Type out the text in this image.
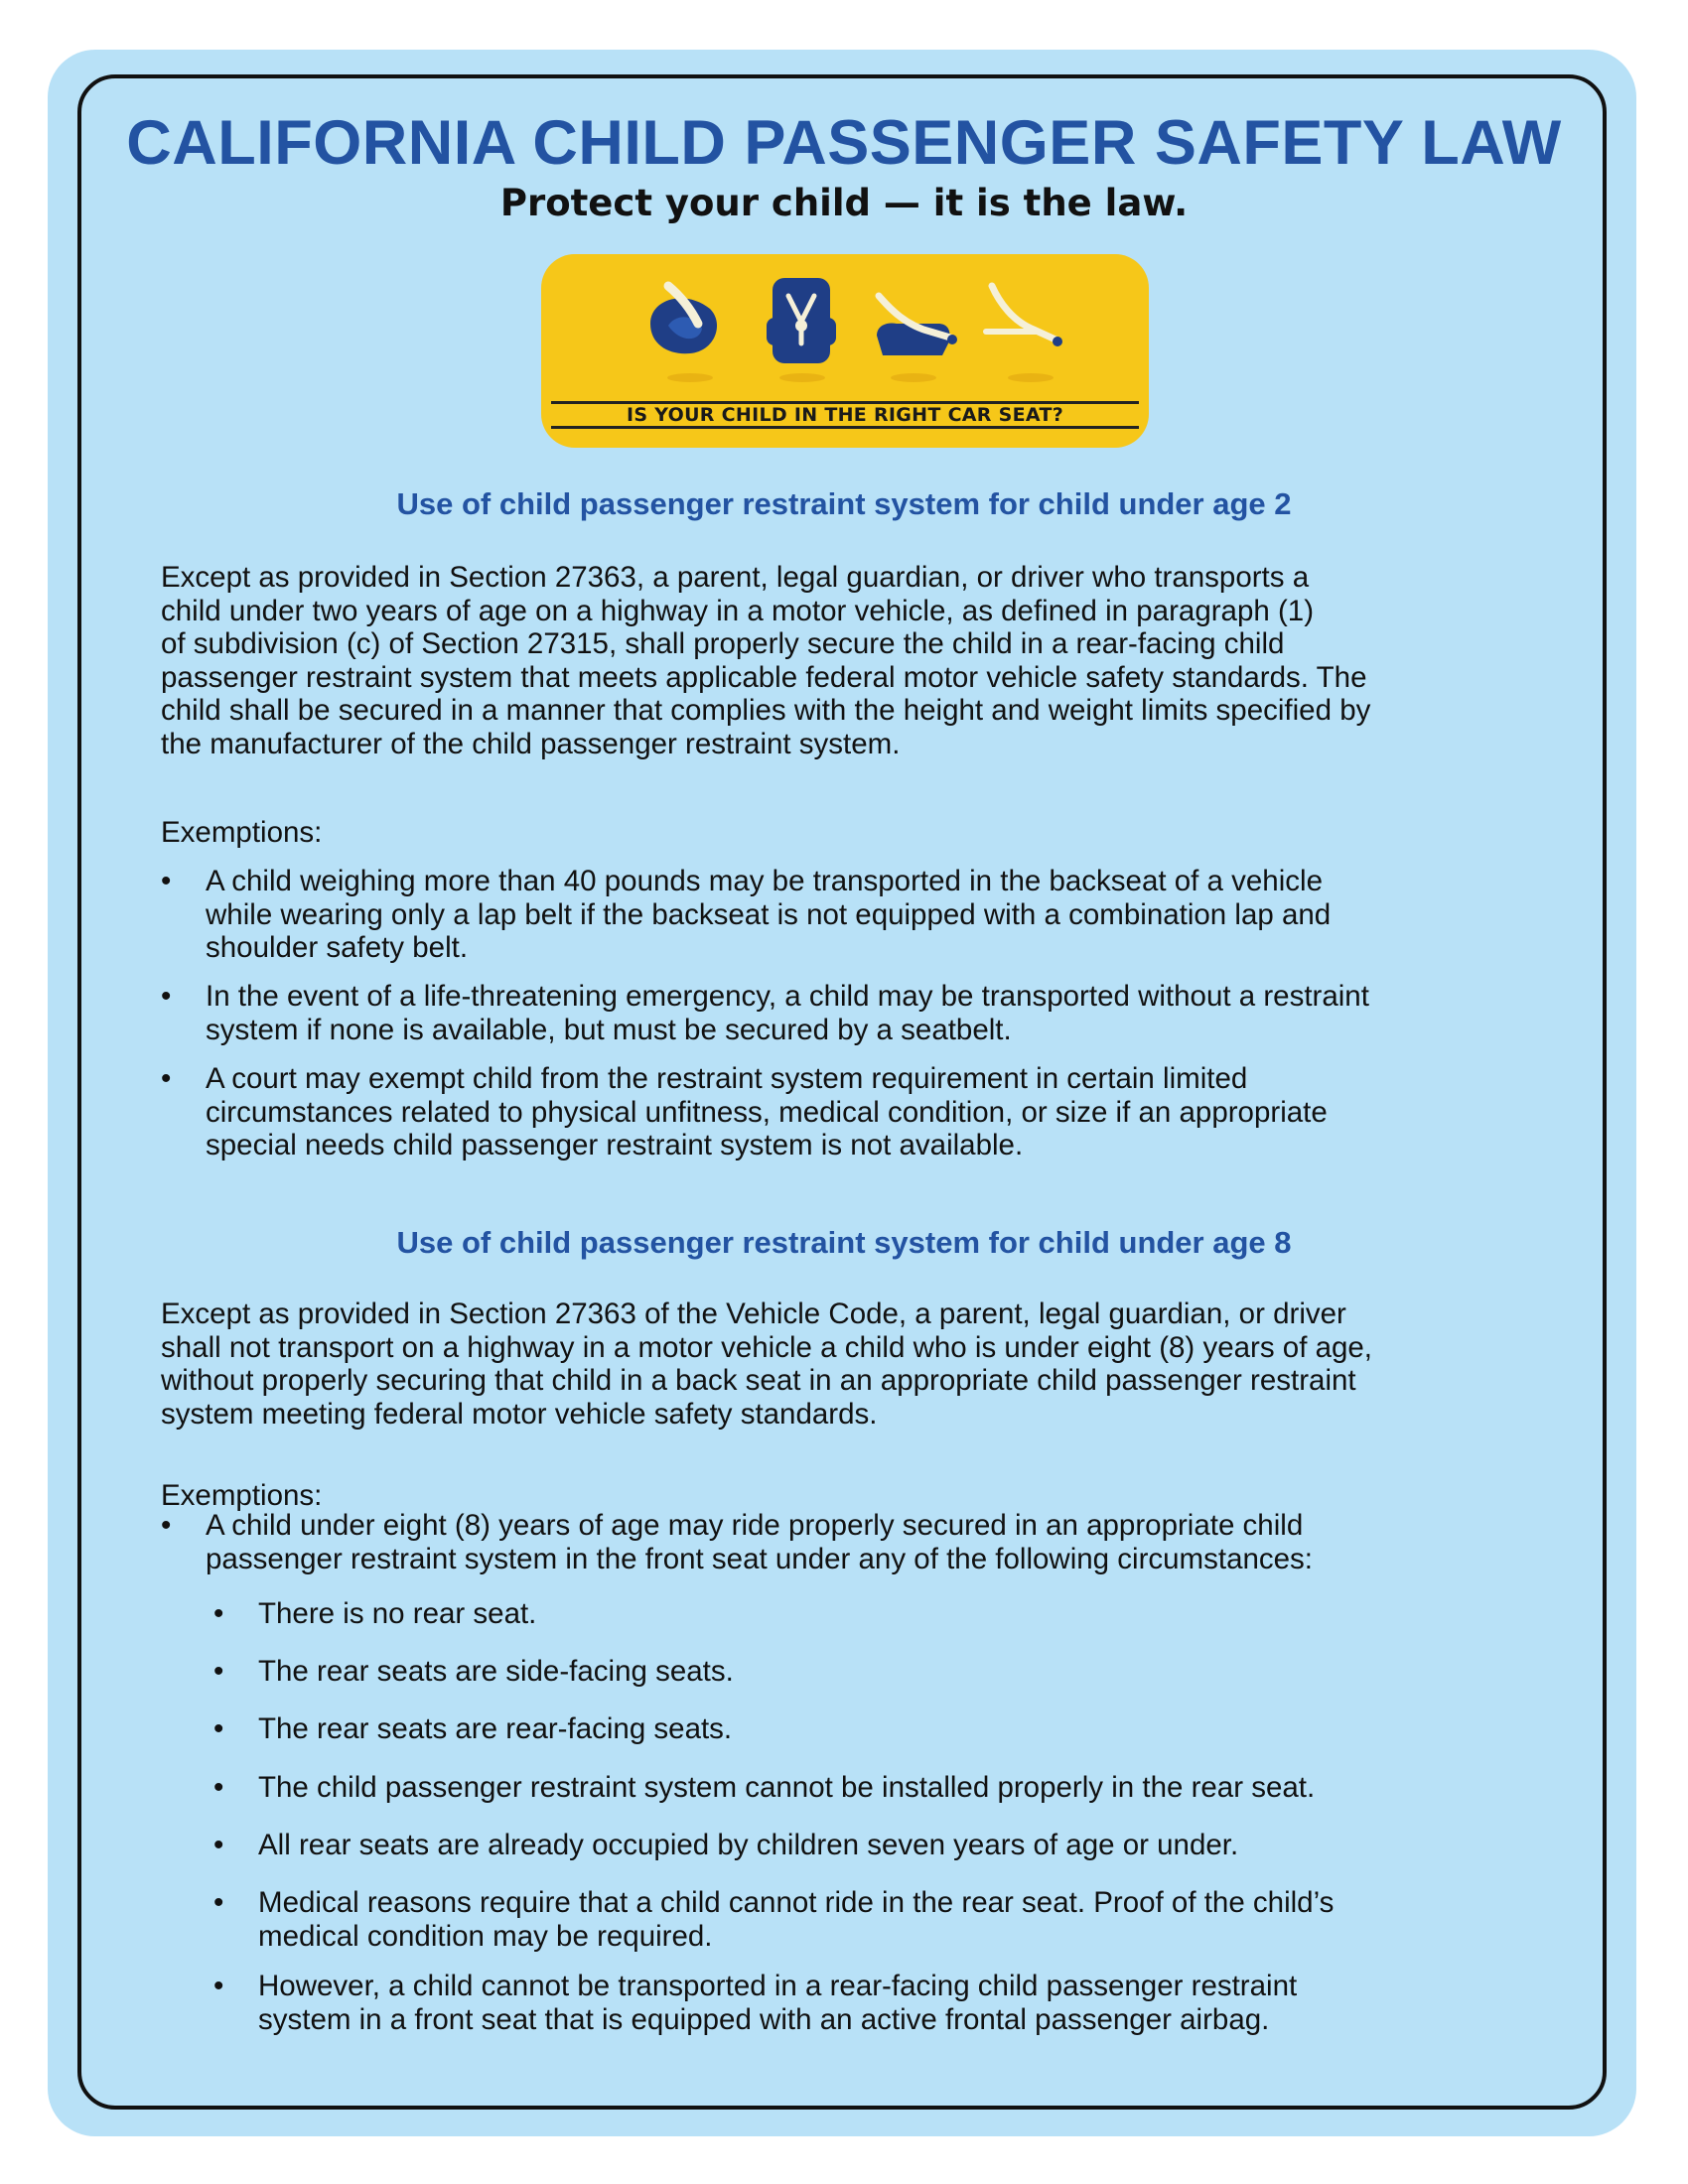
CALIFORNIA CHILD PASSENGER SAFETY LAW
Protect your child — it is the law.
IS YOUR CHILD IN THE RIGHT CAR SEAT?
Use of child passenger restraint system for child under age 2
Except as provided in Section 27363, a parent, legal guardian, or driver who transports a
child under two years of age on a highway in a motor vehicle, as defined in paragraph (1)
of subdivision (c) of Section 27315, shall properly secure the child in a rear-facing child
passenger restraint system that meets applicable federal motor vehicle safety standards. The
child shall be secured in a manner that complies with the height and weight limits specified by
the manufacturer of the child passenger restraint system.
Exemptions:
• A child weighing more than 40 pounds may be transported in the backseat of a vehicle
while wearing only a lap belt if the backseat is not equipped with a combination lap and
shoulder safety belt.
• In the event of a life-threatening emergency, a child may be transported without a restraint
system if none is available, but must be secured by a seatbelt.
• A court may exempt child from the restraint system requirement in certain limited
circumstances related to physical unfitness, medical condition, or size if an appropriate
special needs child passenger restraint system is not available.
Use of child passenger restraint system for child under age 8
Except as provided in Section 27363 of the Vehicle Code, a parent, legal guardian, or driver
shall not transport on a highway in a motor vehicle a child who is under eight (8) years of age,
without properly securing that child in a back seat in an appropriate child passenger restraint
system meeting federal motor vehicle safety standards.
Exemptions:
• A child under eight (8) years of age may ride properly secured in an appropriate child
passenger restraint system in the front seat under any of the following circumstances:
• There is no rear seat.
• The rear seats are side-facing seats.
• The rear seats are rear-facing seats.
• The child passenger restraint system cannot be installed properly in the rear seat.
• All rear seats are already occupied by children seven years of age or under.
• Medical reasons require that a child cannot ride in the rear seat. Proof of the child’s
medical condition may be required.
• However, a child cannot be transported in a rear-facing child passenger restraint
system in a front seat that is equipped with an active frontal passenger airbag.
